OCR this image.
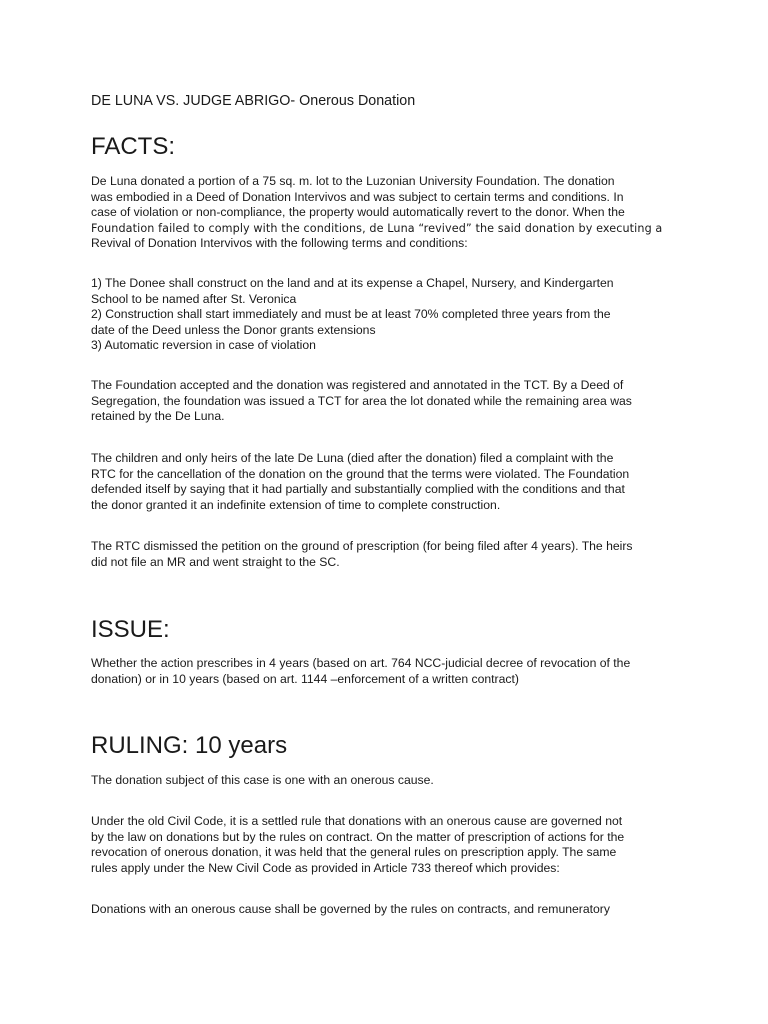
DE LUNA VS. JUDGE ABRIGO- Onerous Donation

FACTS:

De Luna donated a portion of a 75 sq. m. lot to the Luzonian University Foundation. The donation

was embodied in a Deed of Donation Intervivos and was subject to certain terms and conditions. In

case of violation or non-compliance, the property would automatically revert to the donor. When the

Foundation failed to comply with the conditions, de Luna “revived” the said donation by executing a

Revival of Donation Intervivos with the following terms and conditions:

1) The Donee shall construct on the land and at its expense a Chapel, Nursery, and Kindergarten

School to be named after St. Veronica

2) Construction shall start immediately and must be at least 70% completed three years from the

date of the Deed unless the Donor grants extensions

3) Automatic reversion in case of violation

The Foundation accepted and the donation was registered and annotated in the TCT. By a Deed of

Segregation, the foundation was issued a TCT for area the lot donated while the remaining area was

retained by the De Luna.

The children and only heirs of the late De Luna (died after the donation) filed a complaint with the

RTC for the cancellation of the donation on the ground that the terms were violated. The Foundation

defended itself by saying that it had partially and substantially complied with the conditions and that

the donor granted it an indefinite extension of time to complete construction.

The RTC dismissed the petition on the ground of prescription (for being filed after 4 years). The heirs

did not file an MR and went straight to the SC.

ISSUE:

Whether the action prescribes in 4 years (based on art. 764 NCC-judicial decree of revocation of the

donation) or in 10 years (based on art. 1144 –enforcement of a written contract)

RULING: 10 years

The donation subject of this case is one with an onerous cause.

Under the old Civil Code, it is a settled rule that donations with an onerous cause are governed not

by the law on donations but by the rules on contract. On the matter of prescription of actions for the

revocation of onerous donation, it was held that the general rules on prescription apply. The same

rules apply under the New Civil Code as provided in Article 733 thereof which provides:

Donations with an onerous cause shall be governed by the rules on contracts, and remuneratory
